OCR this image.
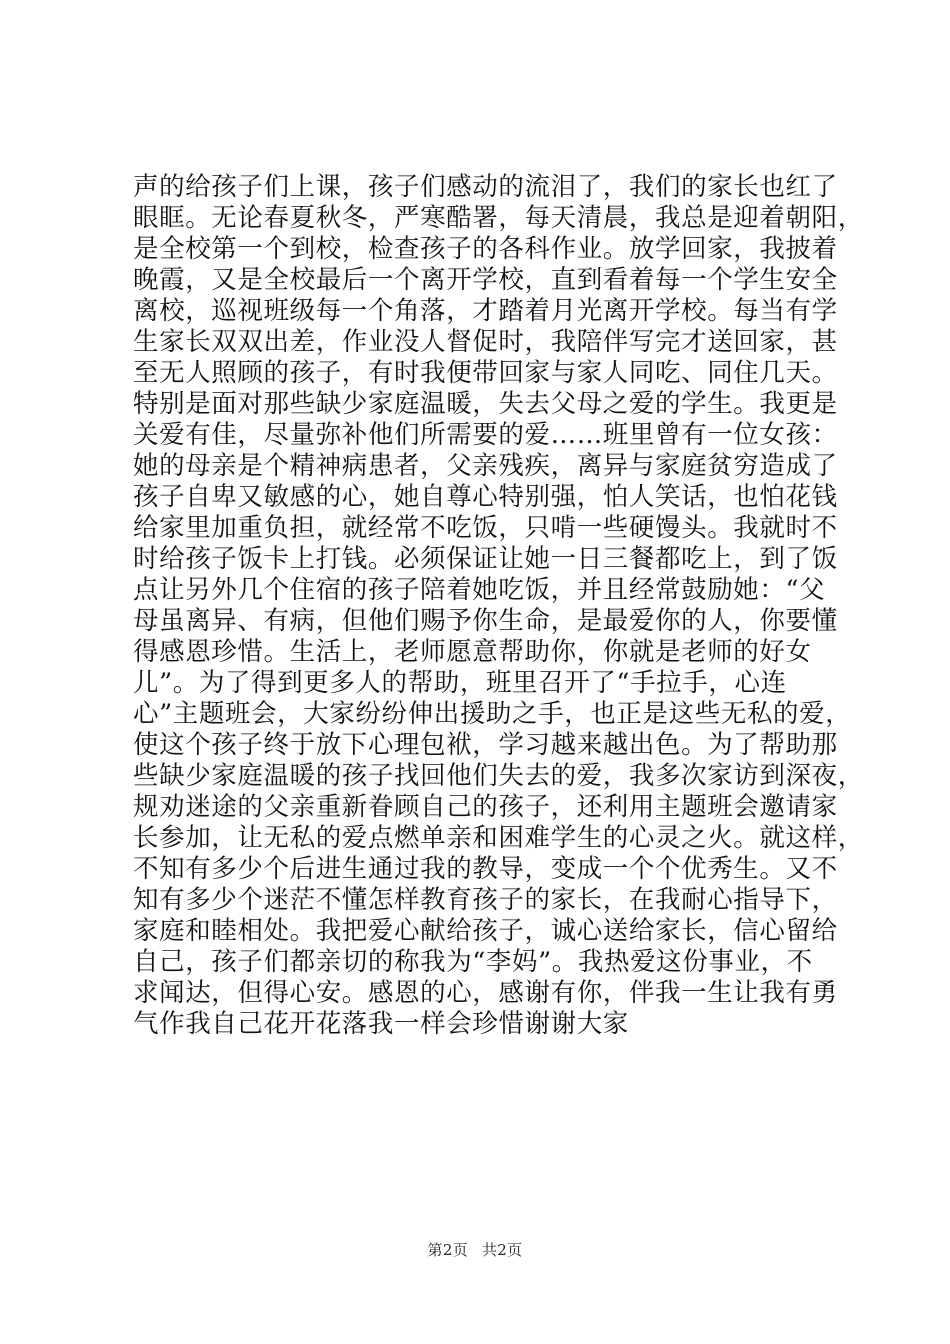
声的给孩子们上课，孩子们感动的流泪了，我们的家长也红了
眼眶。无论春夏秋冬，严寒酷署，每天清晨，我总是迎着朝阳，
是全校第一个到校，检查孩子的各科作业。放学回家，我披着
晚霞，又是全校最后一个离开学校，直到看着每一个学生安全
离校，巡视班级每一个角落，才踏着月光离开学校。每当有学
生家长双双出差，作业没人督促时，我陪伴写完才送回家，甚
至无人照顾的孩子，有时我便带回家与家人同吃、同住几天。
特别是面对那些缺少家庭温暖，失去父母之爱的学生。我更是
关爱有佳，尽量弥补他们所需要的爱……班里曾有一位女孩：
她的母亲是个精神病患者，父亲残疾，离异与家庭贫穷造成了
孩子自卑又敏感的心，她自尊心特别强，怕人笑话，也怕花钱
给家里加重负担，就经常不吃饭，只啃一些硬馒头。我就时不
时给孩子饭卡上打钱。必须保证让她一日三餐都吃上，到了饭
点让另外几个住宿的孩子陪着她吃饭，并且经常鼓励她：“父
母虽离异、有病，但他们赐予你生命，是最爱你的人，你要懂
得感恩珍惜。生活上，老师愿意帮助你，你就是老师的好女
儿”。为了得到更多人的帮助，班里召开了“手拉手，心连
心”主题班会，大家纷纷伸出援助之手，也正是这些无私的爱，
使这个孩子终于放下心理包袱，学习越来越出色。为了帮助那
些缺少家庭温暖的孩子找回他们失去的爱，我多次家访到深夜，
规劝迷途的父亲重新眷顾自己的孩子，还利用主题班会邀请家
长参加，让无私的爱点燃单亲和困难学生的心灵之火。就这样，
不知有多少个后进生通过我的教导，变成一个个优秀生。又不
知有多少个迷茫不懂怎样教育孩子的家长，在我耐心指导下，
家庭和睦相处。我把爱心献给孩子，诚心送给家长，信心留给
自己，孩子们都亲切的称我为“李妈”。我热爱这份事业，不
求闻达，但得心安。感恩的心，感谢有你，伴我一生让我有勇
气作我自己花开花落我一样会珍惜谢谢大家
第2页 共2页
